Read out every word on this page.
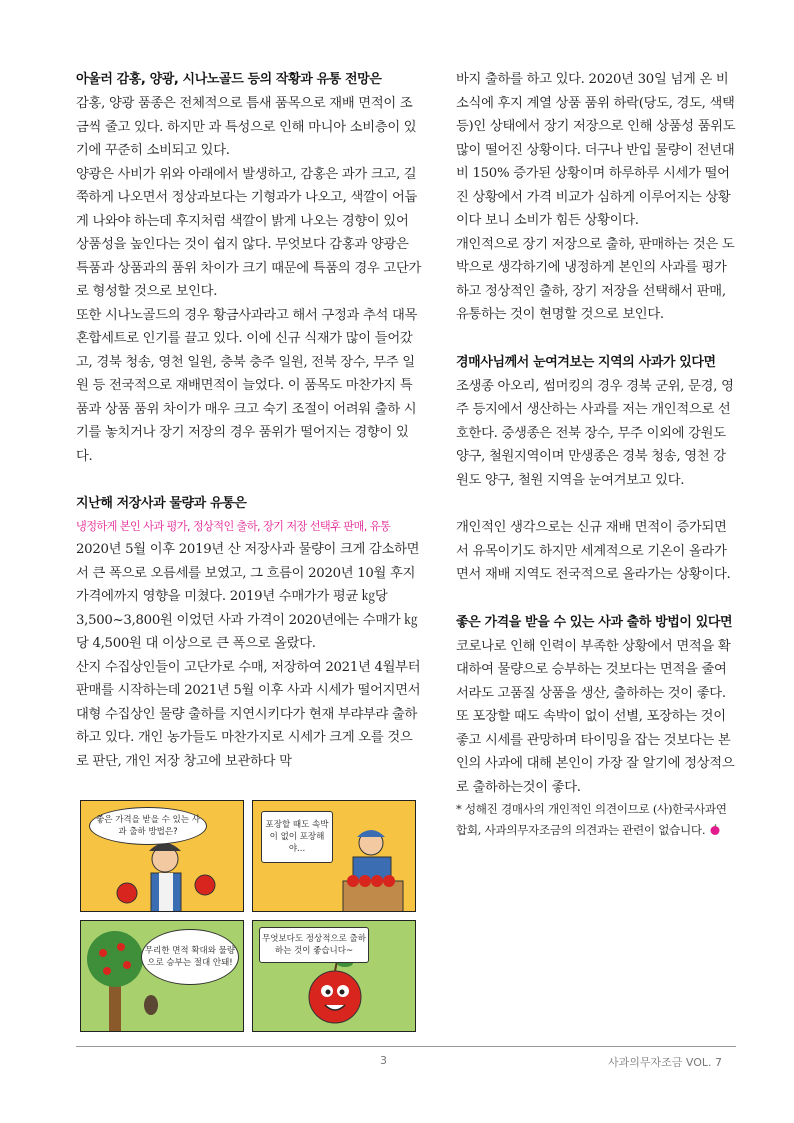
아울러 감홍, 양광, 시나노골드 등의 작황과 유통 전망은

감홍, 양광 품종은 전체적으로 틈새 품목으로 재배 면적이 조금씩 줄고 있다. 하지만 과 특성으로 인해 마니아 소비층이 있기에 꾸준히 소비되고 있다.

양광은 사비가 위와 아래에서 발생하고, 감홍은 과가 크고, 길쭉하게 나오면서 정상과보다는 기형과가 나오고, 색깔이 어둡게 나와야 하는데 후지처럼 색깔이 밝게 나오는 경향이 있어 상품성을 높인다는 것이 쉽지 않다. 무엇보다 감홍과 양광은 특품과 상품과의 품위 차이가 크기 때문에 특품의 경우 고단가로 형성할 것으로 보인다.

또한 시나노골드의 경우 황금사과라고 해서 구정과 추석 대목 혼합세트로 인기를 끌고 있다. 이에 신규 식재가 많이 들어갔고, 경북 청송, 영천 일원, 충북 충주 일원, 전북 장수, 무주 일원 등 전국적으로 재배면적이 늘었다. 이 품목도 마찬가지 특품과 상품 품위 차이가 매우 크고 숙기 조절이 어려워 출하 시기를 놓치거나 장기 저장의 경우 품위가 떨어지는 경향이 있다.

지난해 저장사과 물량과 유통은
냉정하게 본인 사과 평가, 정상적인 출하, 장기 저장 선택후 판매, 유통

2020년 5월 이후 2019년 산 저장사과 물량이 크게 감소하면서 큰 폭으로 오름세를 보였고, 그 흐름이 2020년 10월 후지 가격에까지 영향을 미쳤다. 2019년 수매가가 평균 ㎏당 3,500~3,800원 이었던 사과 가격이 2020년에는 수매가 ㎏당 4,500원 대 이상으로 큰 폭으로 올랐다.

산지 수집상인들이 고단가로 수매, 저장하여 2021년 4월부터 판매를 시작하는데 2021년 5월 이후 사과 시세가 떨어지면서 대형 수집상인 물량 출하를 지연시키다가 현재 부랴부랴 출하하고 있다. 개인 농가들도 마찬가지로 시세가 크게 오를 것으로 판단, 개인 저장 창고에 보관하다 막

좋은 가격을 받을 수 있는 사과 출하 방법은?
포장할 때도 속박이 없이 포장해야...
무리한 면적 확대와 물량으로 승부는 절대 안돼!
무엇보다도 정상적으로 출하하는 것이 좋습니다~

바지 출하를 하고 있다. 2020년 30일 넘게 온 비 소식에 후지 계열 상품 품위 하락(당도, 경도, 색택 등)인 상태에서 장기 저장으로 인해 상품성 품위도 많이 떨어진 상황이다. 더구나 반입 물량이 전년대비 150% 증가된 상황이며 하루하루 시세가 떨어진 상황에서 가격 비교가 심하게 이루어지는 상황이다 보니 소비가 힘든 상황이다.

개인적으로 장기 저장으로 출하, 판매하는 것은 도박으로 생각하기에 냉정하게 본인의 사과를 평가하고 정상적인 출하, 장기 저장을 선택해서 판매, 유통하는 것이 현명할 것으로 보인다.

경매사님께서 눈여겨보는 지역의 사과가 있다면

조생종 아오리, 썸머킹의 경우 경북 군위, 문경, 영주 등지에서 생산하는 사과를 저는 개인적으로 선호한다. 중생종은 전북 장수, 무주 이외에 강원도 양구, 철원지역이며 만생종은 경북 청송, 영천 강원도 양구, 철원 지역을 눈여겨보고 있다.

개인적인 생각으로는 신규 재배 면적이 증가되면서 유목이기도 하지만 세계적으로 기온이 올라가면서 재배 지역도 전국적으로 올라가는 상황이다.

좋은 가격을 받을 수 있는 사과 출하 방법이 있다면

코로나로 인해 인력이 부족한 상황에서 면적을 확대하여 물량으로 승부하는 것보다는 면적을 줄여서라도 고품질 상품을 생산, 출하하는 것이 좋다. 또 포장할 때도 속박이 없이 선별, 포장하는 것이 좋고 시세를 관망하며 타이밍을 잡는 것보다는 본인의 사과에 대해 본인이 가장 잘 알기에 정상적으로 출하하는것이 좋다.

* 성해진 경매사의 개인적인 의견이므로 (사)한국사과연합회, 사과의무자조금의 의견과는 관련이 없습니다.

3	사과의무자조금 VOL. 7
